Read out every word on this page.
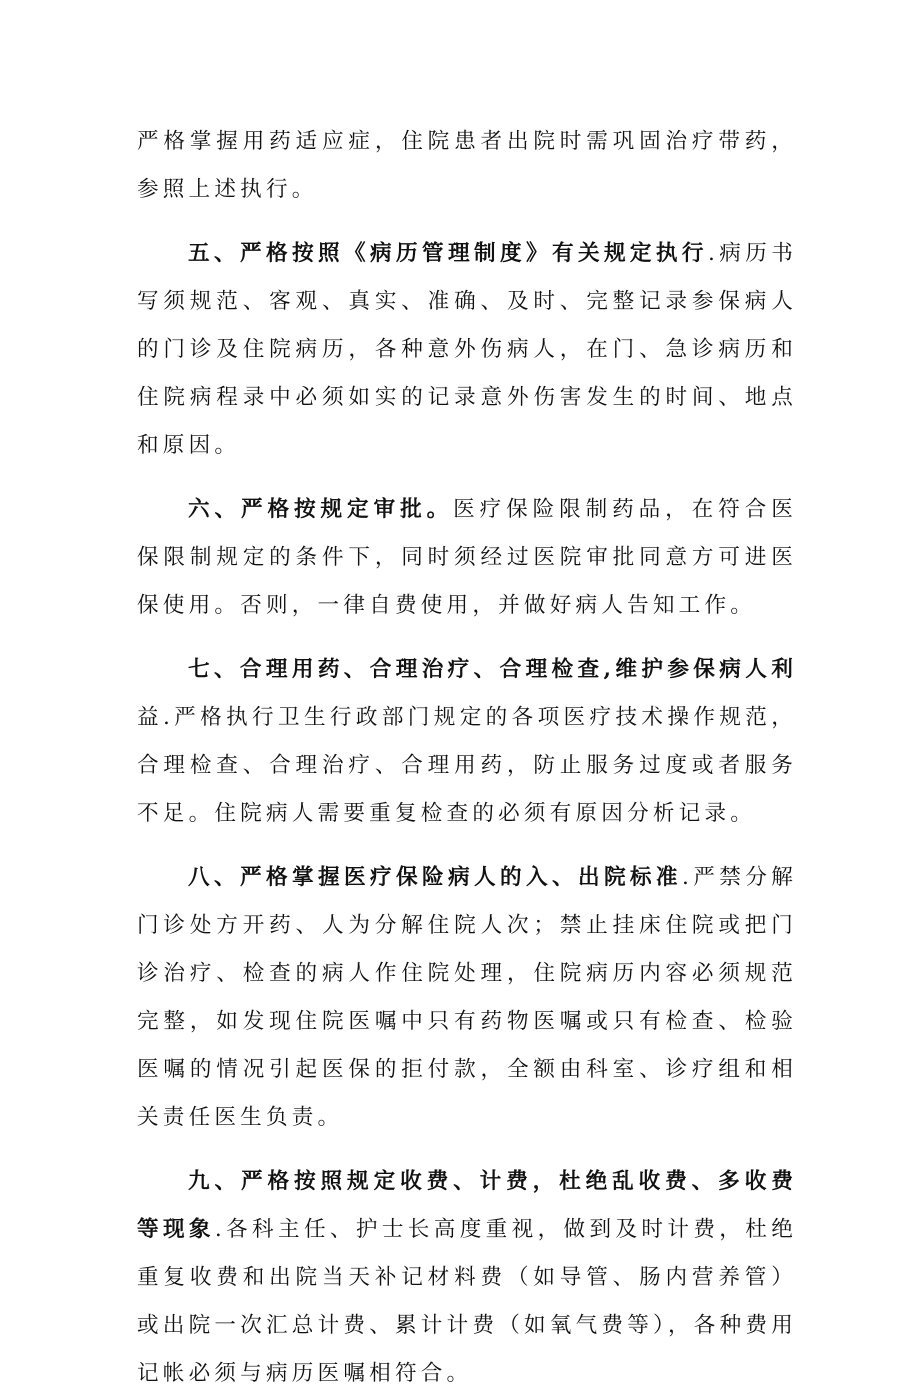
严格掌握用药适应症，住院患者出院时需巩固治疗带药，参照上述执行。

五、严格按照《病历管理制度》有关规定执行.病历书写须规范、客观、真实、准确、及时、完整记录参保病人的门诊及住院病历，各种意外伤病人，在门、急诊病历和住院病程录中必须如实的记录意外伤害发生的时间、地点和原因。

六、严格按规定审批。医疗保险限制药品，在符合医保限制规定的条件下，同时须经过医院审批同意方可进医保使用。否则，一律自费使用，并做好病人告知工作。

七、合理用药、合理治疗、合理检查,维护参保病人利益.严格执行卫生行政部门规定的各项医疗技术操作规范，合理检查、合理治疗、合理用药，防止服务过度或者服务不足。住院病人需要重复检查的必须有原因分析记录。

八、严格掌握医疗保险病人的入、出院标准.严禁分解门诊处方开药、人为分解住院人次；禁止挂床住院或把门诊治疗、检查的病人作住院处理，住院病历内容必须规范完整，如发现住院医嘱中只有药物医嘱或只有检查、检验医嘱的情况引起医保的拒付款，全额由科室、诊疗组和相关责任医生负责。

九、严格按照规定收费、计费，杜绝乱收费、多收费等现象.各科主任、护士长高度重视，做到及时计费，杜绝重复收费和出院当天补记材料费（如导管、肠内营养管）或出院一次汇总计费、累计计费（如氧气费等），各种费用记帐必须与病历医嘱相符合。
